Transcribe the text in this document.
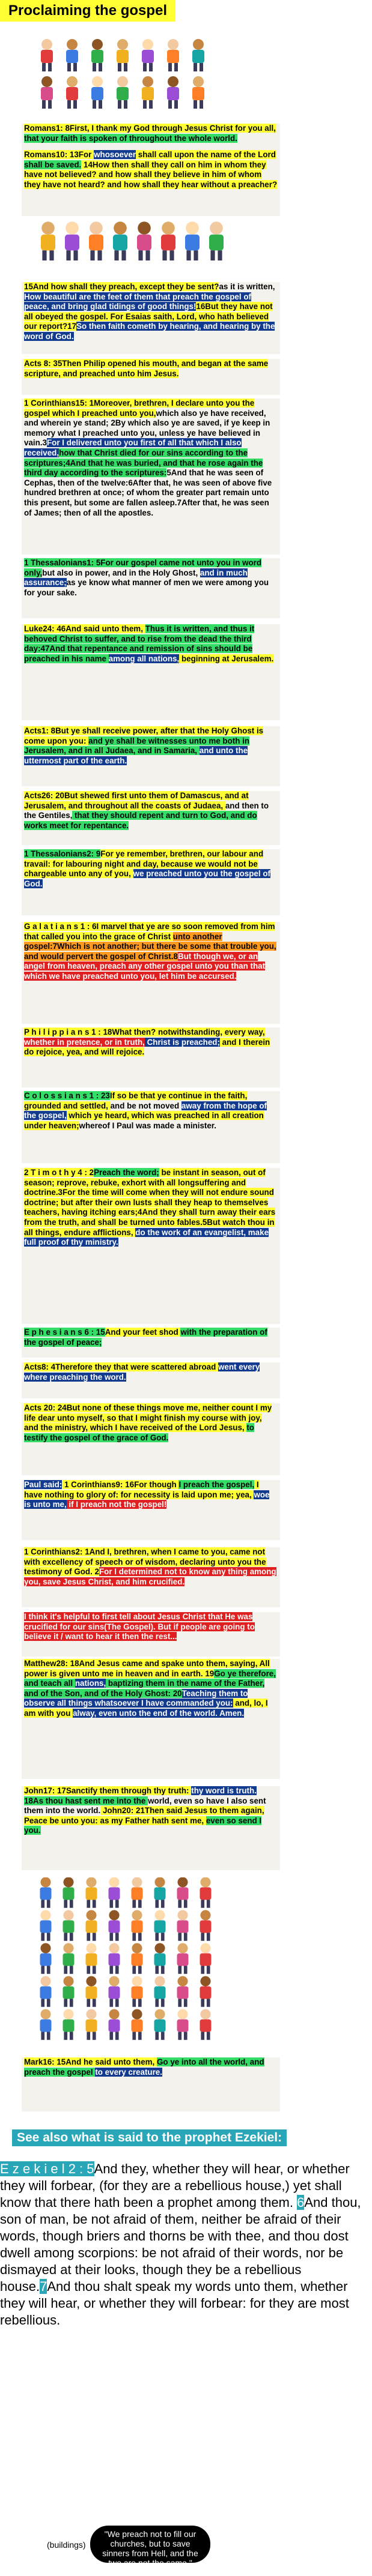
Proclaiming the gospel

Romans1: 8First, I thank my God through Jesus Christ for you all, that your faith is spoken of throughout the whole world.

Romans10: 13For whosoever shall call upon the name of the Lord shall be saved. 14How then shall they call on him in whom they have not believed? and how shall they believe in him of whom they have not heard? and how shall they hear without a preacher?

15And how shall they preach, except they be sent?as it is written, How beautiful are the feet of them that preach the gospel of peace, and bring glad tidings of good things!16But they have not all obeyed the gospel. For Esaias saith, Lord, who hath believed our report?17So then faith cometh by hearing, and hearing by the word of God.

Acts 8: 35Then Philip opened his mouth, and began at the same scripture, and preached unto him Jesus.

1 Corinthians15: 1Moreover, brethren, I declare unto you the gospel which I preached unto you,which also ye have received, and wherein ye stand; 2By which also ye are saved, if ye keep in memory what I preached unto you, unless ye have believed in vain.3For I delivered unto you first of all that which I also received,how that Christ died for our sins according to the scriptures;4And that he was buried, and that he rose again the third day according to the scriptures:5And that he was seen of Cephas, then of the twelve:6After that, he was seen of above five hundred brethren at once; of whom the greater part remain unto this present, but some are fallen asleep.7After that, he was seen of James; then of all the apostles.

1 Thessalonians1: 5For our gospel came not unto you in word only,but also in power, and in the Holy Ghost, and in much assurance;as ye know what manner of men we were among you for your sake.

Luke24: 46And said unto them, Thus it is written, and thus it behoved Christ to suffer, and to rise from the dead the third day:47And that repentance and remission of sins should be preached in his name among all nations, beginning at Jerusalem.

Acts1: 8But ye shall receive power, after that the Holy Ghost is come upon you: and ye shall be witnesses unto me both in Jerusalem, and in all Judaea, and in Samaria, and unto the uttermost part of the earth.

Acts26: 20But shewed first unto them of Damascus, and at Jerusalem, and throughout all the coasts of Judaea, and then to the Gentiles, that they should repent and turn to God, and do works meet for repentance.

1 Thessalonians2: 9For ye remember, brethren, our labour and travail: for labouring night and day, because we would not be chargeable unto any of you, we preached unto you the gospel of God.

G a l a t i a n s 1 : 6I marvel that ye are so soon removed from him that called you into the grace of Christ unto another gospel:7Which is not another; but there be some that trouble you, and would pervert the gospel of Christ.8But though we, or an angel from heaven, preach any other gospel unto you than that which we have preached unto you, let him be accursed.

P h i l i p p i a n s 1 : 18What then? notwithstanding, every way, whether in pretence, or in truth, Christ is preached; and I therein do rejoice, yea, and will rejoice.

C o l o s s i a n s 1 : 23If so be that ye continue in the faith, grounded and settled, and be not moved away from the hope of the gospel, which ye heard, which was preached in all creation under heaven;whereof I Paul was made a minister.

2 T i m o t h y 4 : 2Preach the word; be instant in season, out of season; reprove, rebuke, exhort with all longsuffering and doctrine.3For the time will come when they will not endure sound doctrine; but after their own lusts shall they heap to themselves teachers, having itching ears;4And they shall turn away their ears from the truth, and shall be turned unto fables.5But watch thou in all things, endure afflictions, do the work of an evangelist, make full proof of thy ministry.

E p h e s i a n s 6 : 15And your feet shod with the preparation of the gospel of peace;

Acts8: 4Therefore they that were scattered abroad went every where preaching the word.

Acts 20: 24But none of these things move me, neither count I my life dear unto myself, so that I might finish my course with joy, and the ministry, which I have received of the Lord Jesus, to testify the gospel of the grace of God.

Paul said: 1 Corinthians9: 16For though I preach the gospel, I have nothing to glory of: for necessity is laid upon me; yea, woe is unto me, if I preach not the gospel!

1 Corinthians2: 1And I, brethren, when I came to you, came not with excellency of speech or of wisdom, declaring unto you the testimony of God. 2For I determined not to know any thing among you, save Jesus Christ, and him crucified.

I think it's helpful to first tell about Jesus Christ that He was crucified for our sins(The Gospel). But if people are going to believe it / want to hear it then the rest...

Matthew28: 18And Jesus came and spake unto them, saying, All power is given unto me in heaven and in earth. 19Go ye therefore, and teach all nations, baptizing them in the name of the Father, and of the Son, and of the Holy Ghost: 20Teaching them to observe all things whatsoever I have commanded you: and, lo, I am with you alway, even unto the end of the world. Amen.

John17: 17Sanctify them through thy truth: thy word is truth. 18As thou hast sent me into the world, even so have I also sent them into the world. John20: 21Then said Jesus to them again, Peace be unto you: as my Father hath sent me, even so send I you.

Mark16: 15And he said unto them, Go ye into all the world, and preach the gospel to every creature.

See also what is said to the prophet Ezekiel:
E z e k i e l 2 : 5And they, whether they will hear, or whether they will forbear, (for they are a rebellious house,) yet shall know that there hath been a prophet among them. 6And thou, son of man, be not afraid of them, neither be afraid of their words, though briers and thorns be with thee, and thou dost dwell among scorpions: be not afraid of their words, nor be dismayed at their looks, though they be a rebellious house.7And thou shalt speak my words unto them, whether they will hear, or whether they will forbear: for they are most rebellious.
(buildings)
"We preach not to fill our churches, but to save sinners from Hell, and the two are not the same."
